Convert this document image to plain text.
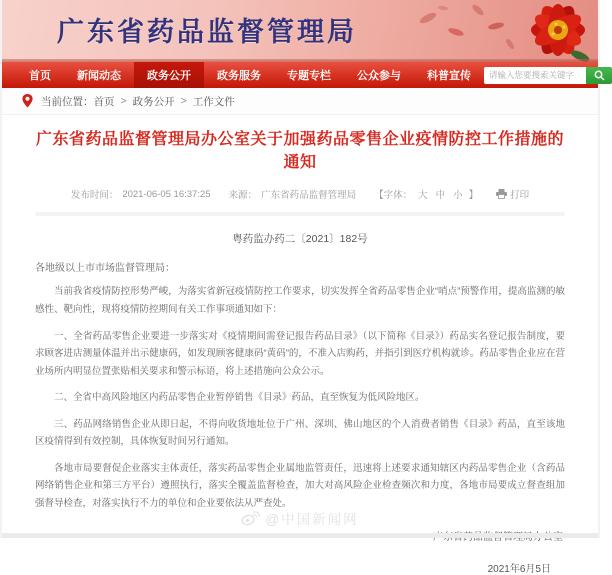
广东省药品监督管理局
首页	新闻动态	政务公开	政务服务	专题专栏	公众参与	科普宣传
请输入您要搜索关键字
当前位置： 首页 > 政务公开 > 工作文件
广东省药品监督管理局办公室关于加强药品零售企业疫情防控工作措施的通知
发布时间： 2021-06-05 16:37:25 来源： 广东省药品监督管理局 【字体： 大 中 小 】	打印
粤药监办药二〔2021〕182号
各地级以上市市场监督管理局：

当前我省疫情防控形势严峻，为落实省新冠疫情防控工作要求，切实发挥全省药品零售企业“哨点”预警作用，提高监测的敏感性、靶向性，现将疫情防控期间有关工作事项通知如下：

一、全省药品零售企业要进一步落实对《疫情期间需登记报告药品目录》（以下简称《目录》）药品实名登记报告制度，要求顾客进店测量体温并出示健康码，如发现顾客健康码“黄码”的，不准入店购药，并指引到医疗机构就诊。药品零售企业应在营业场所内明显位置张贴相关要求和警示标语，将上述措施向公众公示。

二、全省中高风险地区内药品零售企业暂停销售《目录》药品，直至恢复为低风险地区。

三、药品网络销售企业从即日起，不得向收货地址位于广州、深圳、佛山地区的个人消费者销售《目录》药品，直至该地区疫情得到有效控制，具体恢复时间另行通知。

各地市局要督促企业落实主体责任，落实药品零售企业属地监管责任，迅速将上述要求通知辖区内药品零售企业（含药品网络销售企业和第三方平台）遵照执行，落实全覆盖监督检查，加大对高风险企业检查频次和力度，各地市局要成立督查组加强督导检查，对落实执行不力的单位和企业要依法从严查处。

2021年6月5日
@中国新闻网
